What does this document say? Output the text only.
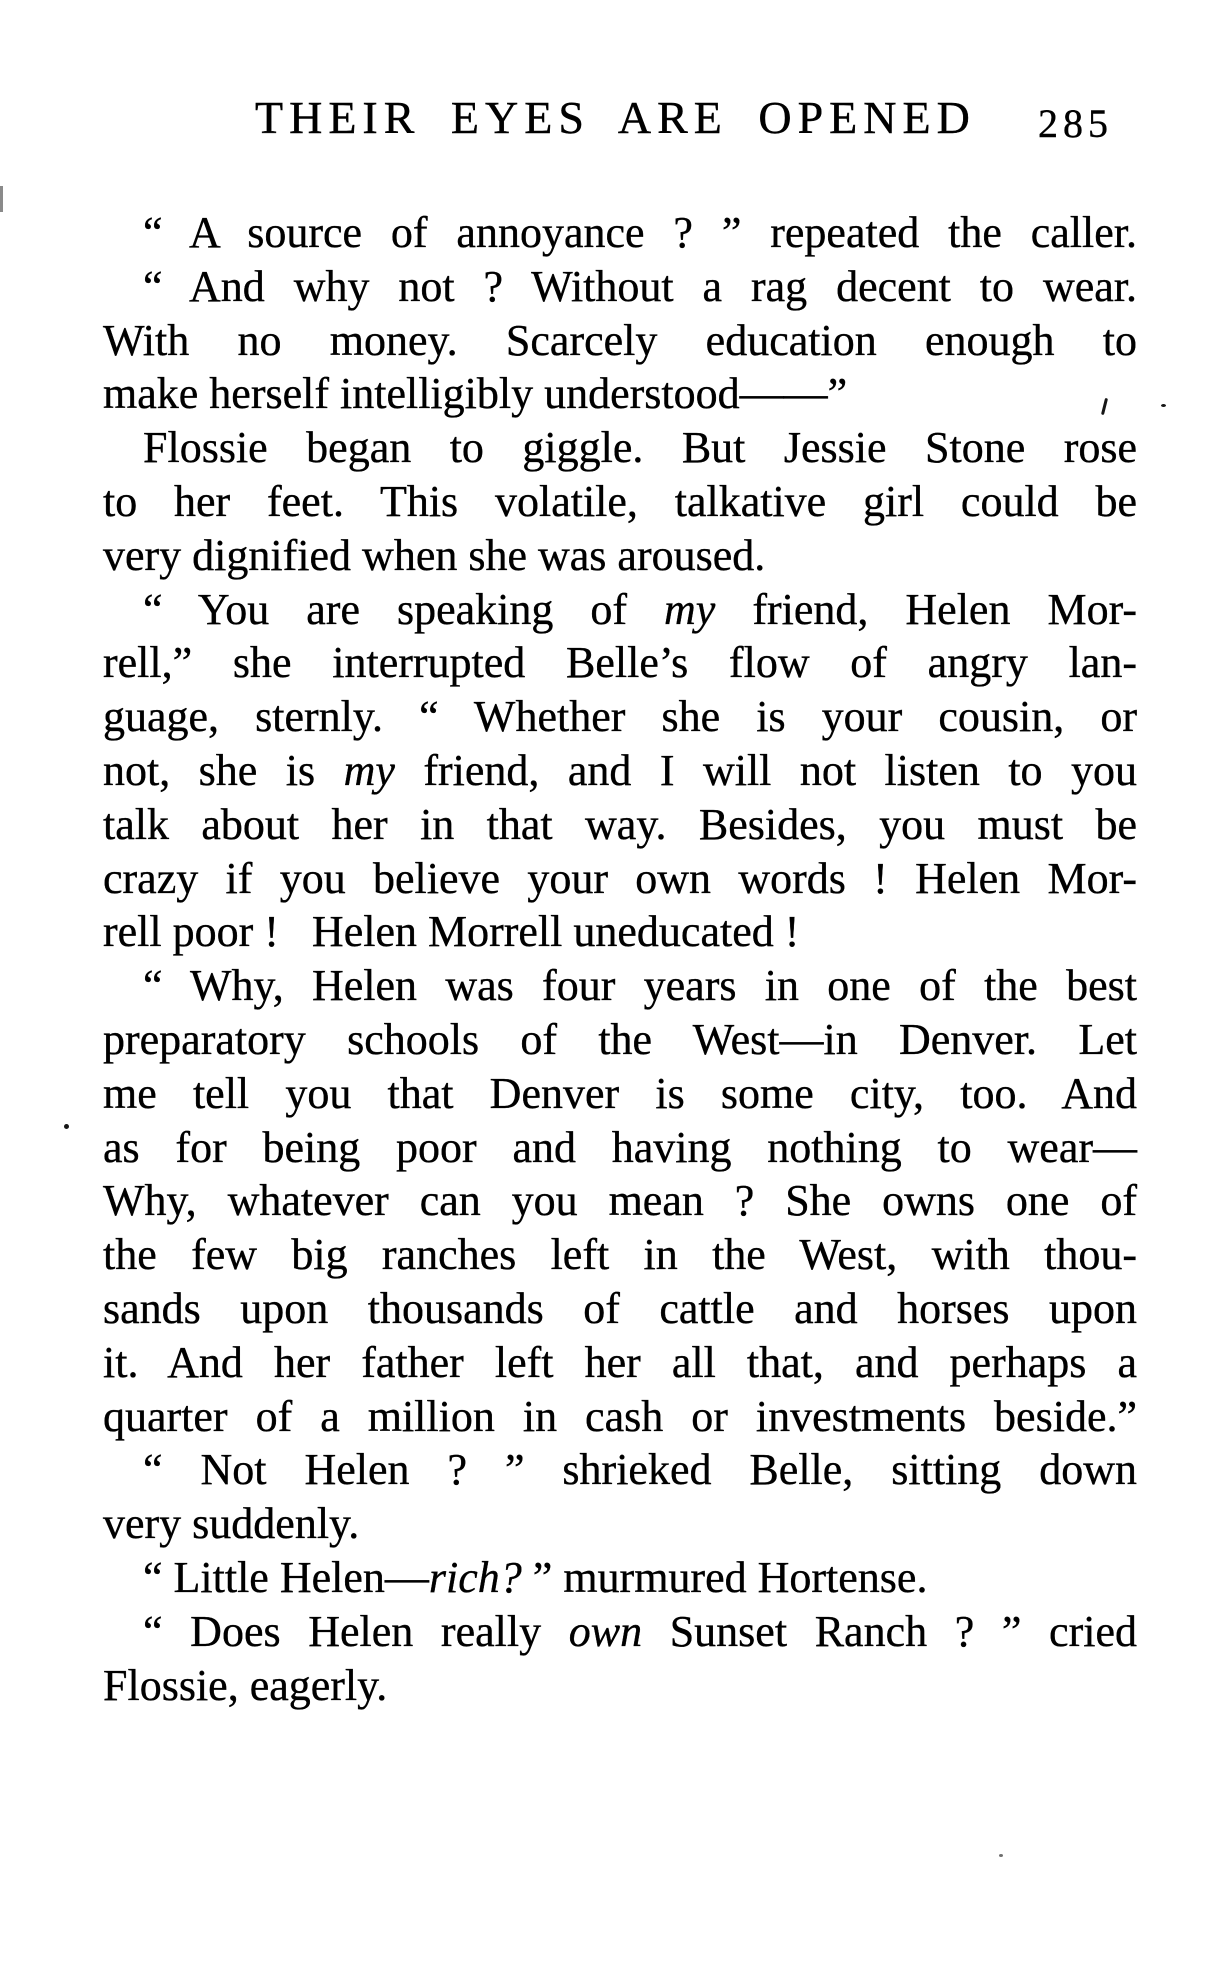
THEIR EYES ARE OPENED 285
“ A source of annoyance ? ” repeated the caller.
“ And why not ? Without a rag decent to wear.
With no money. Scarcely education enough to
make herself intelligibly understood——”
Flossie began to giggle. But Jessie Stone rose
to her feet. This volatile, talkative girl could be
very dignified when she was aroused.
“ You are speaking of my friend, Helen Mor-
rell,” she interrupted Belle’s flow of angry lan-
guage, sternly. “ Whether she is your cousin, or
not, she is my friend, and I will not listen to you
talk about her in that way. Besides, you must be
crazy if you believe your own words ! Helen Mor-
rell poor !  Helen Morrell uneducated !
“ Why, Helen was four years in one of the best
preparatory schools of the West—in Denver. Let
me tell you that Denver is some city, too. And
as for being poor and having nothing to wear—
Why, whatever can you mean ? She owns one of
the few big ranches left in the West, with thou-
sands upon thousands of cattle and horses upon
it. And her father left her all that, and perhaps a
quarter of a million in cash or investments beside.”
“ Not Helen ? ” shrieked Belle, sitting down
very suddenly.
“ Little Helen—rich? ” murmured Hortense.
“ Does Helen really own Sunset Ranch ? ” cried
Flossie, eagerly.
